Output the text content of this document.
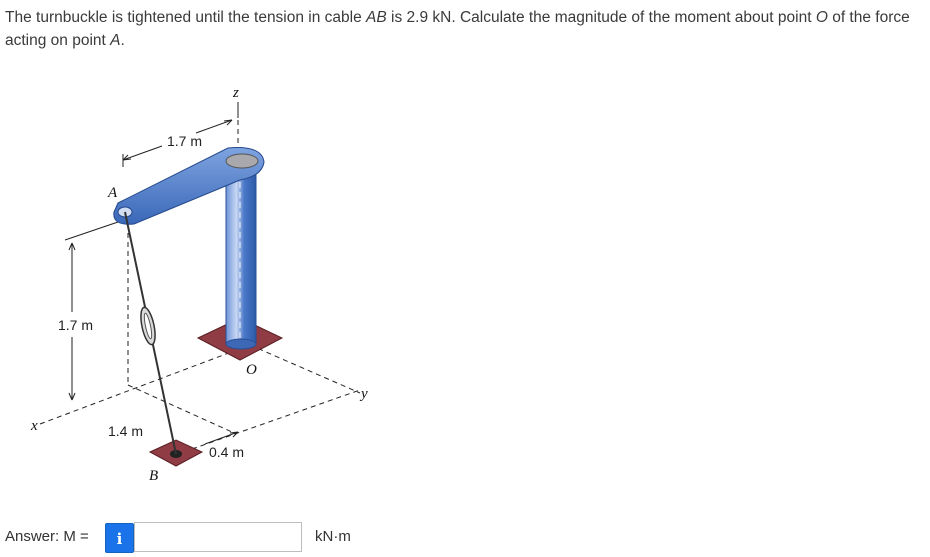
The turnbuckle is tightened until the tension in cable AB is 2.9 kN. Calculate the magnitude of the moment about point O of the force acting on point A.
1.7 m
1.7 m
1.4 m
0.4 m
A
B
O
x
y
z
Answer: M =	i	kN·m
